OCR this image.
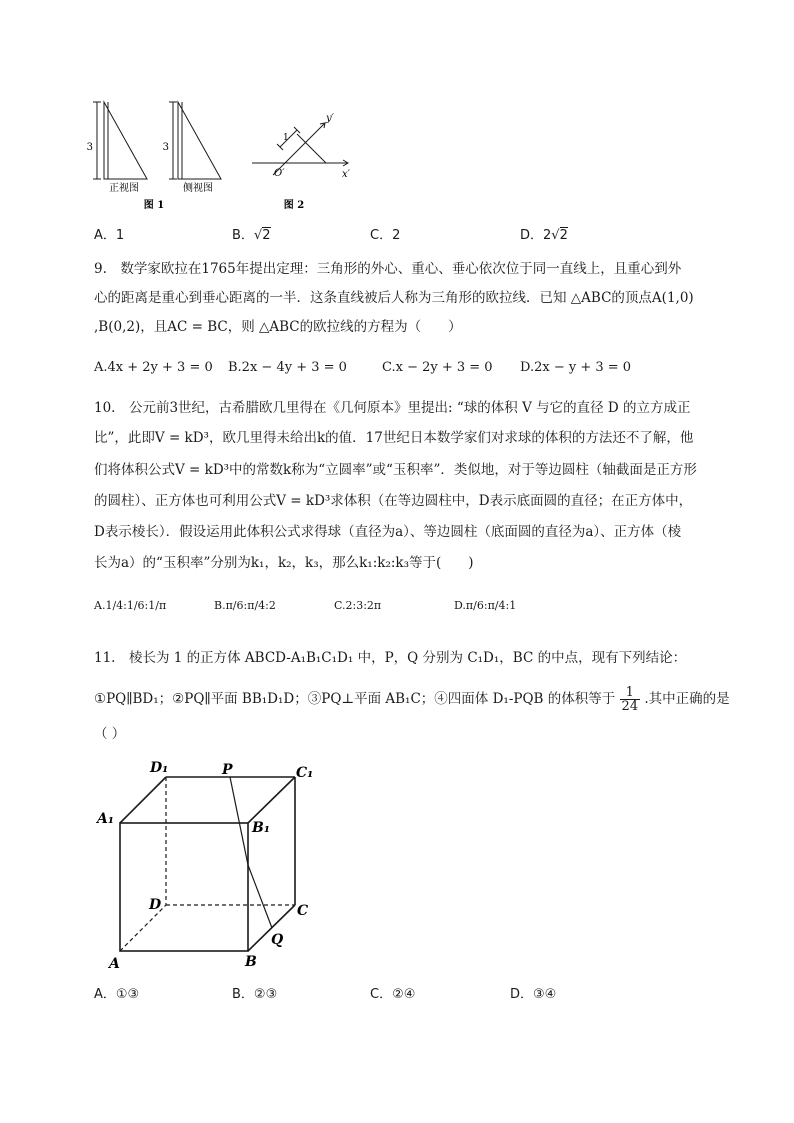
3
正视图
3
侧视图
图 1
y′
x′
O′
1
图 2
A．1	B．√2	C．2	D．2√2
9.　数学家欧拉在1765年提出定理：三角形的外心、重心、垂心依次位于同一直线上，且重心到外
心的距离是重心到垂心距离的一半．这条直线被后人称为三角形的欧拉线．已知 △ABC的顶点A(1,0)
,B(0,2)，且AC = BC，则 △ABC的欧拉线的方程为（　　）
A.4x + 2y + 3 = 0 B.2x − 4y + 3 = 0	C.x − 2y + 3 = 0 D.2x − y + 3 = 0
10.　公元前3世纪，古希腊欧几里得在《几何原本》里提出: “球的体积 V 与它的直径 D 的立方成正
比”，此即V = kD³，欧几里得未给出k的值．17世纪日本数学家们对求球的体积的方法还不了解，他
们将体积公式V = kD³中的常数k称为“立圆率”或“玉积率”．类似地，对于等边圆柱（轴截面是正方形
的圆柱）、正方体也可利用公式V = kD³求体积（在等边圆柱中，D表示底面圆的直径；在正方体中，
D表示棱长）．假设运用此体积公式求得球（直径为a）、等边圆柱（底面圆的直径为a）、正方体（棱
长为a）的“玉积率”分别为k₁，k₂，k₃，那么k₁:k₂:k₃等于(　　)
A.1/4:1/6:1/π	B.π/6:π/4:2	C.2:3:2π	D.π/6:π/4:1
11.　棱长为 1 的正方体 ABCD-A₁B₁C₁D₁ 中，P，Q 分别为 C₁D₁，BC 的中点，现有下列结论：
①PQ∥BD₁；②PQ∥平面 BB₁D₁D；③PQ⊥平面 AB₁C；④四面体 D₁-PQB 的体积等于 $\frac{1}{24}$ .其中正确的是
（ ）
D₁	P	C₁
A₁
B₁
D	C
Q
A	B
A．①③	B．②③	C．②④	D．③④
